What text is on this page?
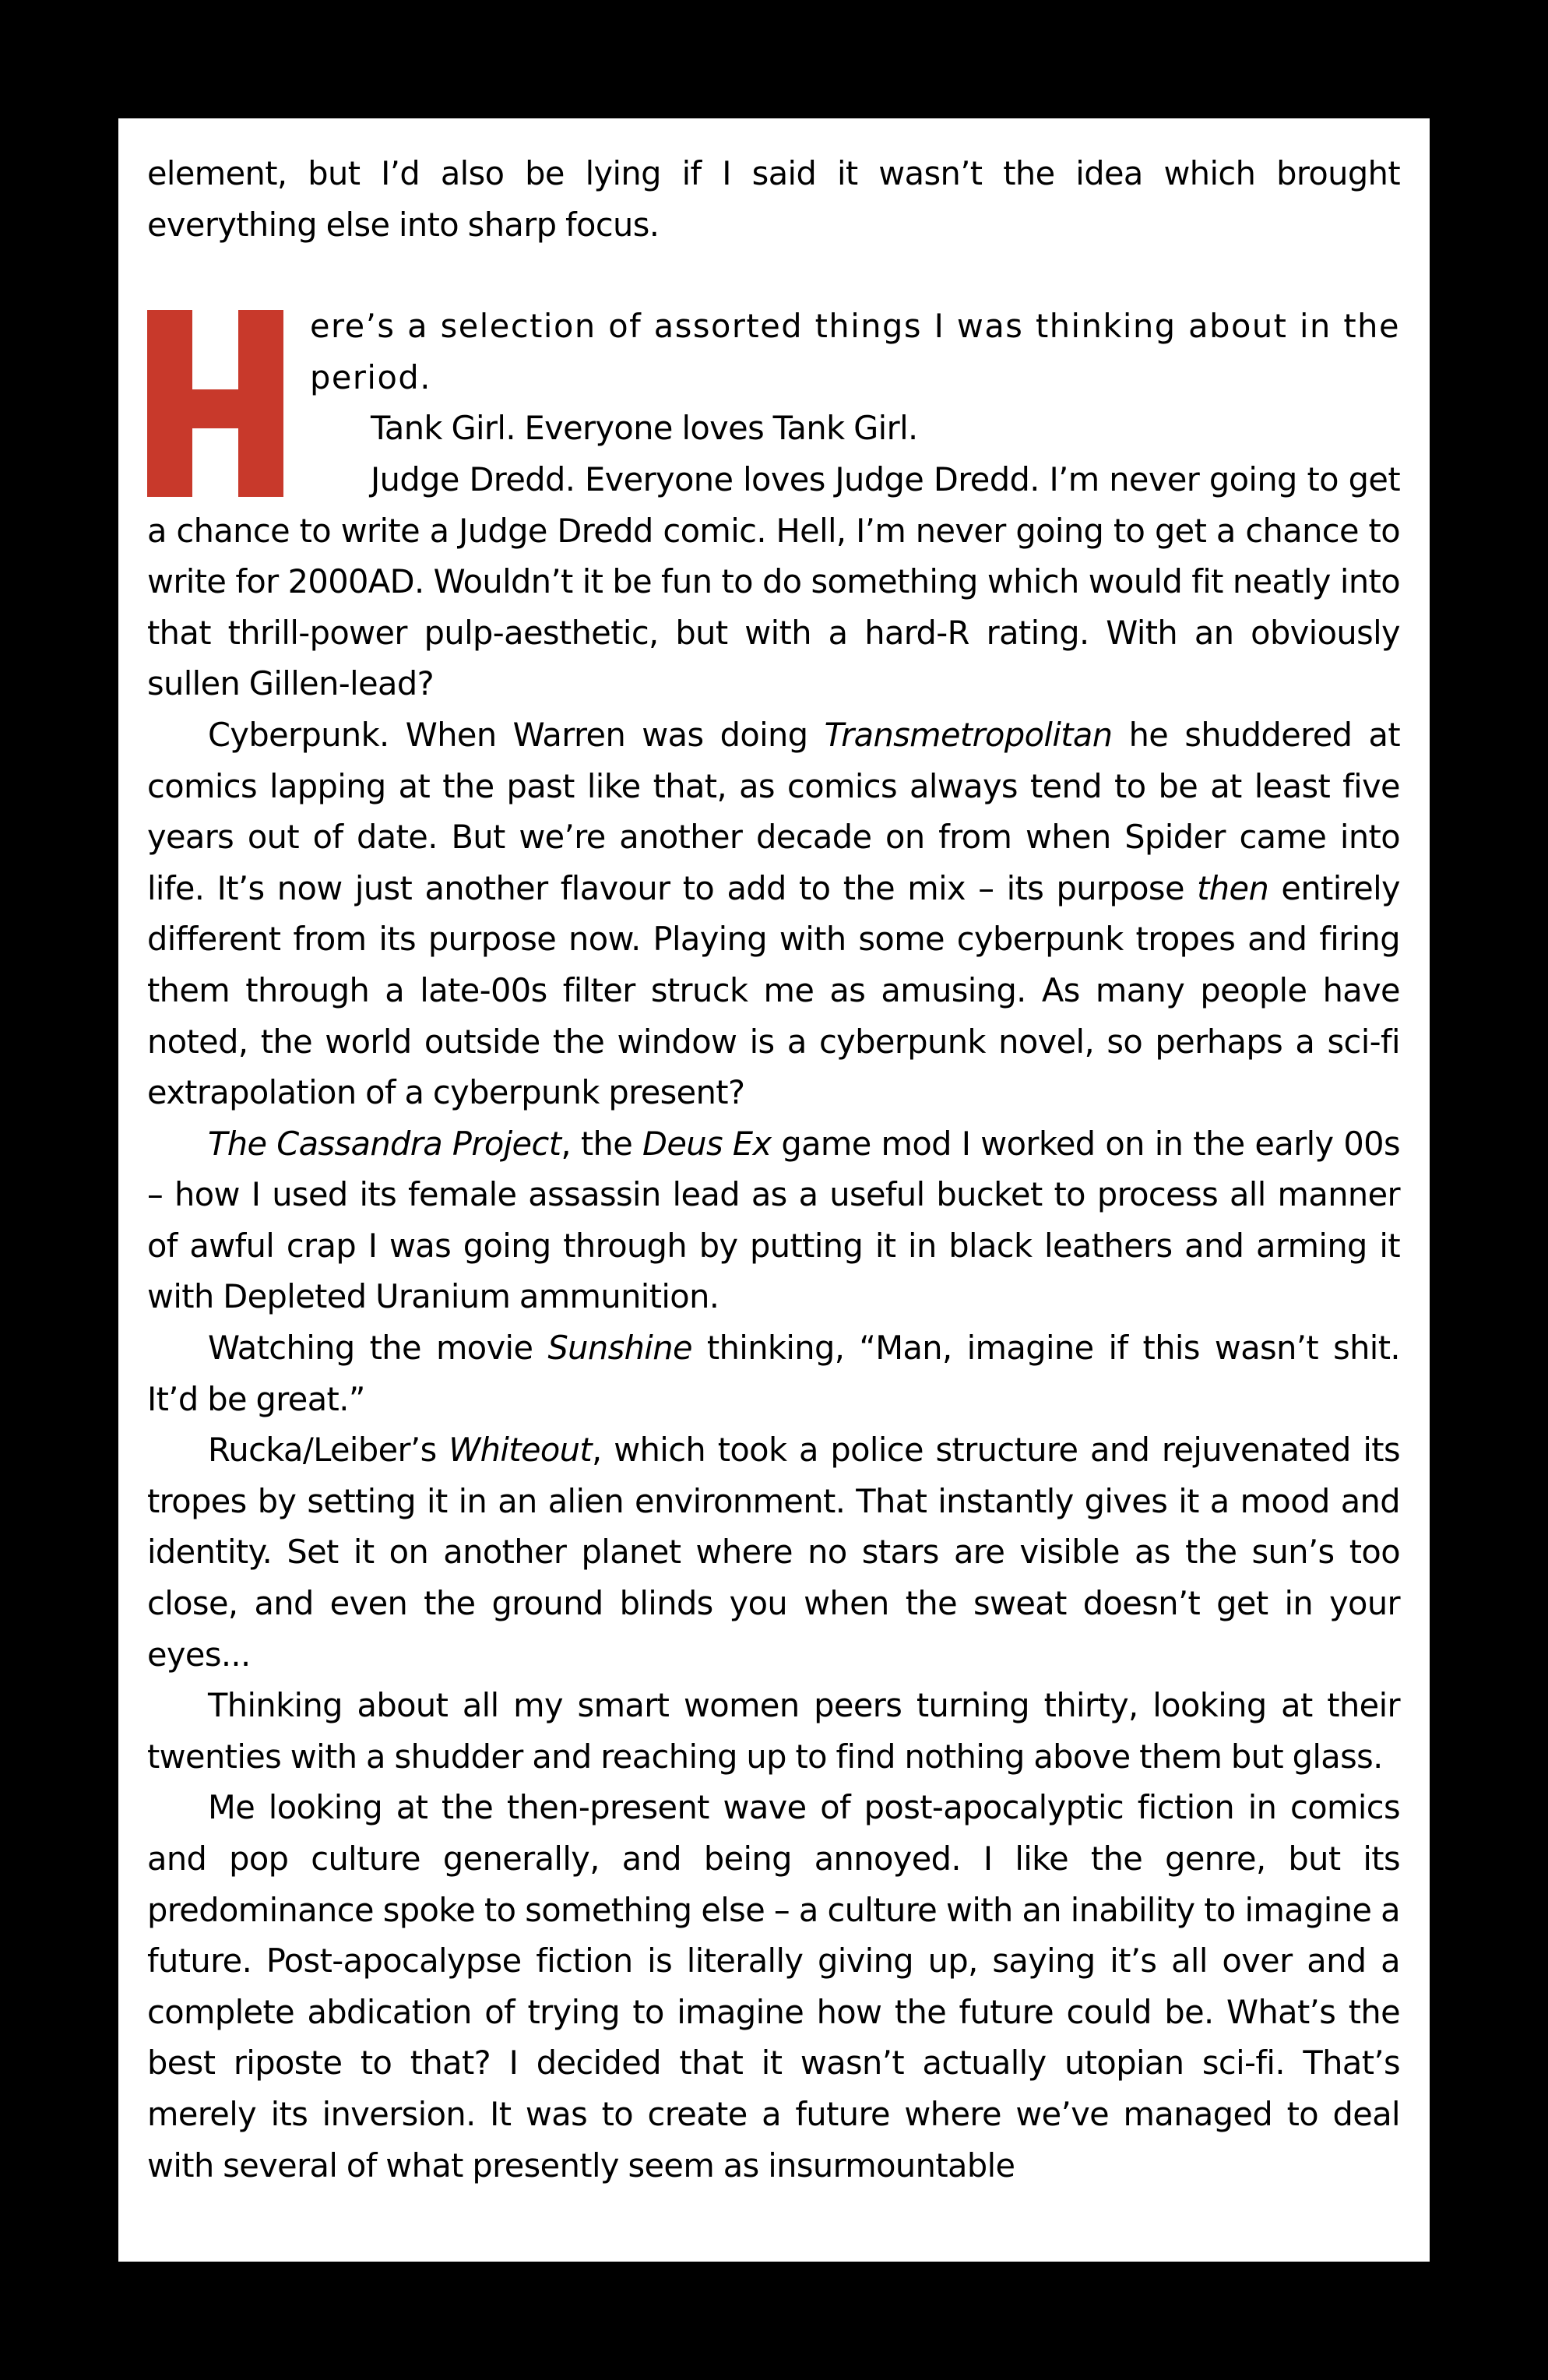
element, but I’d also be lying if I said it wasn’t the idea which brought everything else into sharp focus.

ere’s a selection of assorted things I was thinking about in the period.

Tank Girl. Everyone loves Tank Girl.

Judge Dredd. Everyone loves Judge Dredd. I’m never going to get a chance to write a Judge Dredd comic. Hell, I’m never going to get a chance to write for 2000AD. Wouldn’t it be fun to do something which would fit neatly into that thrill-power pulp-aesthetic, but with a hard-R rating. With an obviously sullen Gillen-lead?

Cyberpunk. When Warren was doing Transmetropolitan he shuddered at comics lapping at the past like that, as comics always tend to be at least five years out of date. But we’re another decade on from when Spider came into life. It’s now just another flavour to add to the mix – its purpose then entirely different from its purpose now. Playing with some cyberpunk tropes and firing them through a late-00s filter struck me as amusing. As many people have noted, the world outside the window is a cyberpunk novel, so perhaps a sci-fi extrapolation of a cyberpunk present?

The Cassandra Project, the Deus Ex game mod I worked on in the early 00s – how I used its female assassin lead as a useful bucket to process all manner of awful crap I was going through by putting it in black leathers and arming it with Depleted Uranium ammunition.

Watching the movie Sunshine thinking, “Man, imagine if this wasn’t shit. It’d be great.”

Rucka/Leiber’s Whiteout, which took a police structure and rejuvenated its tropes by setting it in an alien environment. That instantly gives it a mood and identity. Set it on another planet where no stars are visible as the sun’s too close, and even the ground blinds you when the sweat doesn’t get in your eyes...

Thinking about all my smart women peers turning thirty, looking at their twenties with a shudder and reaching up to find nothing above them but glass.

Me looking at the then-present wave of post-apocalyptic fiction in comics and pop culture generally, and being annoyed. I like the genre, but its predominance spoke to something else – a culture with an inability to imagine a future. Post-apocalypse fiction is literally giving up, saying it’s all over and a complete abdication of trying to imagine how the future could be. What’s the best riposte to that? I decided that it wasn’t actually utopian sci-fi. That’s merely its inversion. It was to create a future where we’ve managed to deal with several of what presently seem as insurmountable
